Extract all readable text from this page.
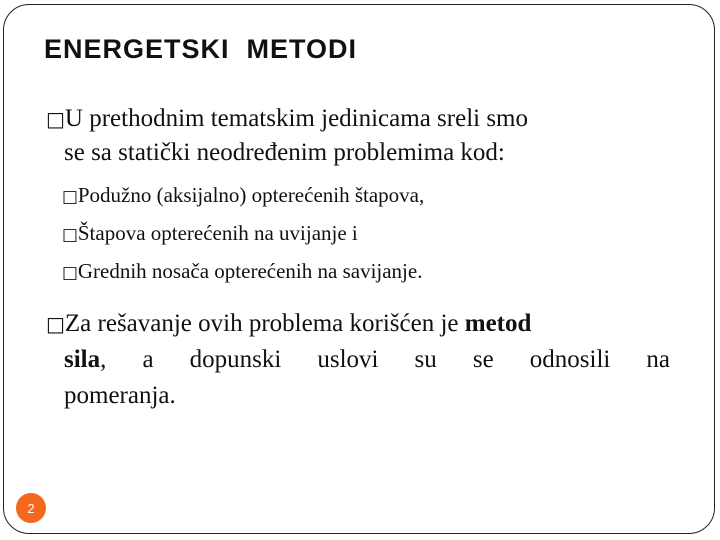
ENERGETSKI  METODI
□U prethodnim tematskim jedinicama sreli smo
se sa statički neodređenim problemima kod:
□Podužno (aksijalno) opterećenih štapova,
□Štapova opterećenih na uvijanje i
□Grednih nosača opterećenih na savijanje.
□Za rešavanje ovih problema korišćen je metod
sila, a dopunski uslovi su se odnosili na
pomeranja.
2
